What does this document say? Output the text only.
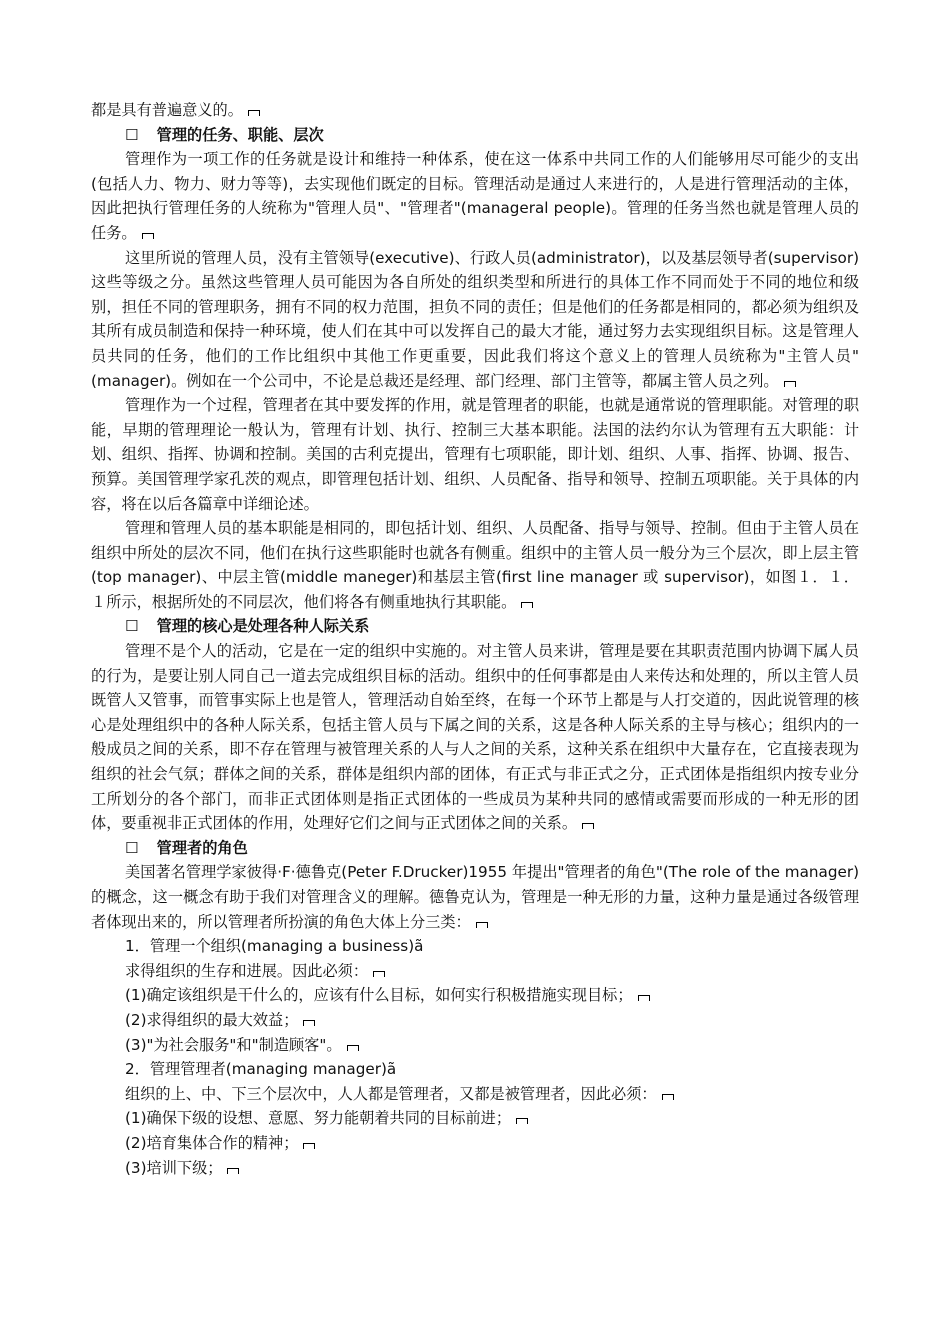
都是具有普遍意义的。

☐ 管理的任务、职能、层次

管理作为一项工作的任务就是设计和维持一种体系，使在这一体系中共同工作的人们能够用尽可能少的支出(包括人力、物力、财力等等)，去实现他们既定的目标。管理活动是通过人来进行的，人是进行管理活动的主体，因此把执行管理任务的人统称为"管理人员"、"管理者"(manageral people)。管理的任务当然也就是管理人员的任务。

这里所说的管理人员，没有主管领导(executive)、行政人员(administrator)，以及基层领导者(supervisor)这些等级之分。虽然这些管理人员可能因为各自所处的组织类型和所进行的具体工作不同而处于不同的地位和级别，担任不同的管理职务，拥有不同的权力范围，担负不同的责任；但是他们的任务都是相同的，都必须为组织及其所有成员制造和保持一种环境，使人们在其中可以发挥自己的最大才能，通过努力去实现组织目标。这是管理人员共同的任务，他们的工作比组织中其他工作更重要，因此我们将这个意义上的管理人员统称为"主管人员"(manager)。例如在一个公司中，不论是总裁还是经理、部门经理、部门主管等，都属主管人员之列。

管理作为一个过程，管理者在其中要发挥的作用，就是管理者的职能，也就是通常说的管理职能。对管理的职能，早期的管理理论一般认为，管理有计划、执行、控制三大基本职能。法国的法约尔认为管理有五大职能：计划、组织、指挥、协调和控制。美国的古利克提出，管理有七项职能，即计划、组织、人事、指挥、协调、报告、预算。美国管理学家孔茨的观点，即管理包括计划、组织、人员配备、指导和领导、控制五项职能。关于具体的内容，将在以后各篇章中详细论述。

管理和管理人员的基本职能是相同的，即包括计划、组织、人员配备、指导与领导、控制。但由于主管人员在组织中所处的层次不同，他们在执行这些职能时也就各有侧重。组织中的主管人员一般分为三个层次，即上层主管(top manager)、中层主管(middle maneger)和基层主管(first line manager 或 supervisor)，如图１．１．１所示，根据所处的不同层次，他们将各有侧重地执行其职能。

☐ 管理的核心是处理各种人际关系

管理不是个人的活动，它是在一定的组织中实施的。对主管人员来讲，管理是要在其职责范围内协调下属人员的行为，是要让别人同自己一道去完成组织目标的活动。组织中的任何事都是由人来传达和处理的，所以主管人员既管人又管事，而管事实际上也是管人，管理活动自始至终，在每一个环节上都是与人打交道的，因此说管理的核心是处理组织中的各种人际关系，包括主管人员与下属之间的关系，这是各种人际关系的主导与核心；组织内的一般成员之间的关系，即不存在管理与被管理关系的人与人之间的关系，这种关系在组织中大量存在，它直接表现为组织的社会气氛；群体之间的关系，群体是组织内部的团体，有正式与非正式之分，正式团体是指组织内按专业分工所划分的各个部门，而非正式团体则是指正式团体的一些成员为某种共同的感情或需要而形成的一种无形的团体，要重视非正式团体的作用，处理好它们之间与正式团体之间的关系。

☐ 管理者的角色

美国著名管理学家彼得·F·德鲁克(Peter F.Drucker)1955 年提出"管理者的角色"(The role of the manager)的概念，这一概念有助于我们对管理含义的理解。德鲁克认为，管理是一种无形的力量，这种力量是通过各级管理者体现出来的，所以管理者所扮演的角色大体上分三类：

1．管理一个组织(managing a business)ã

求得组织的生存和进展。因此必须：

(1)确定该组织是干什么的，应该有什么目标，如何实行积极措施实现目标；

(2)求得组织的最大效益；

(3)"为社会服务"和"制造顾客"。

2．管理管理者(managing manager)ã

组织的上、中、下三个层次中，人人都是管理者，又都是被管理者，因此必须：

(1)确保下级的设想、意愿、努力能朝着共同的目标前进；

(2)培育集体合作的精神；

(3)培训下级；
